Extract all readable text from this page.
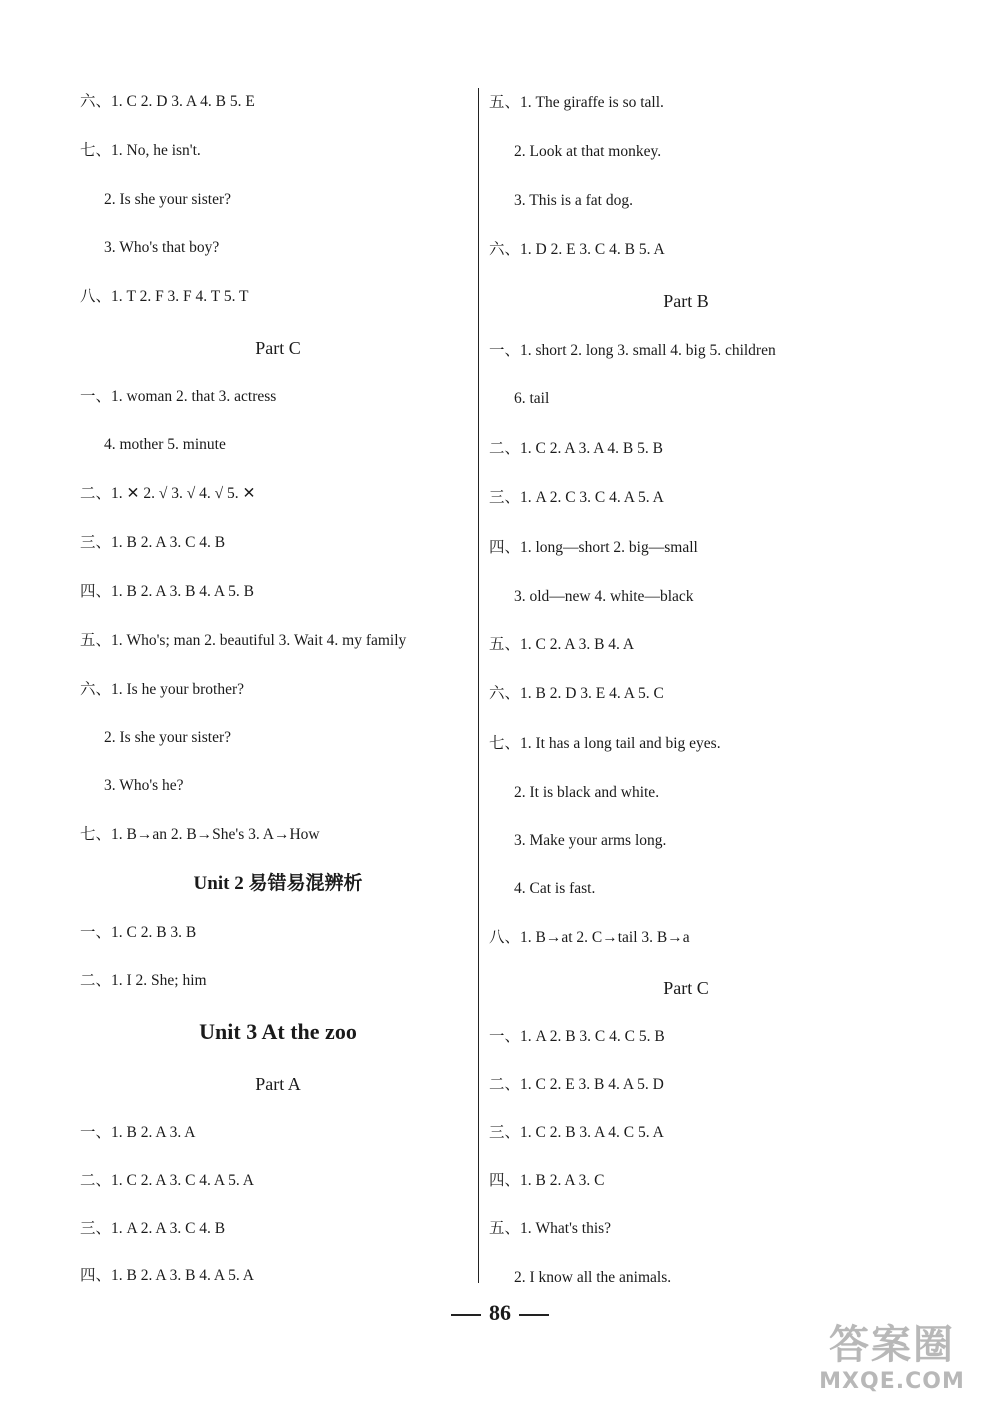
六、1. C 2. D 3. A 4. B 5. E
七、1. No, he isn't.
2. Is she your sister?
3. Who's that boy?
八、1. T 2. F 3. F 4. T 5. T
Part C
一、1. woman 2. that 3. actress
4. mother 5. minute
二、1. ✕ 2. √ 3. √ 4. √ 5. ✕
三、1. B 2. A 3. C 4. B
四、1. B 2. A 3. B 4. A 5. B
五、1. Who's; man 2. beautiful 3. Wait 4. my family
六、1. Is he your brother?
2. Is she your sister?
3. Who's he?
七、1. B→an 2. B→She's 3. A→How
Unit 2 易错易混辨析
一、1. C 2. B 3. B
二、1. I 2. She; him
Unit 3 At the zoo
Part A
一、1. B 2. A 3. A
二、1. C 2. A 3. C 4. A 5. A
三、1. A 2. A 3. C 4. B
四、1. B 2. A 3. B 4. A 5. A
五、1. The giraffe is so tall.
2. Look at that monkey.
3. This is a fat dog.
六、1. D 2. E 3. C 4. B 5. A
Part B
一、1. short 2. long 3. small 4. big 5. children
6. tail
二、1. C 2. A 3. A 4. B 5. B
三、1. A 2. C 3. C 4. A 5. A
四、1. long—short 2. big—small
3. old—new 4. white—black
五、1. C 2. A 3. B 4. A
六、1. B 2. D 3. E 4. A 5. C
七、1. It has a long tail and big eyes.
2. It is black and white.
3. Make your arms long.
4. Cat is fast.
八、1. B→at 2. C→tail 3. B→a
Part C
一、1. A 2. B 3. C 4. C 5. B
二、1. C 2. E 3. B 4. A 5. D
三、1. C 2. B 3. A 4. C 5. A
四、1. B 2. A 3. C
五、1. What's this?
2. I know all the animals.
86
答案圈
MXQE.COM
